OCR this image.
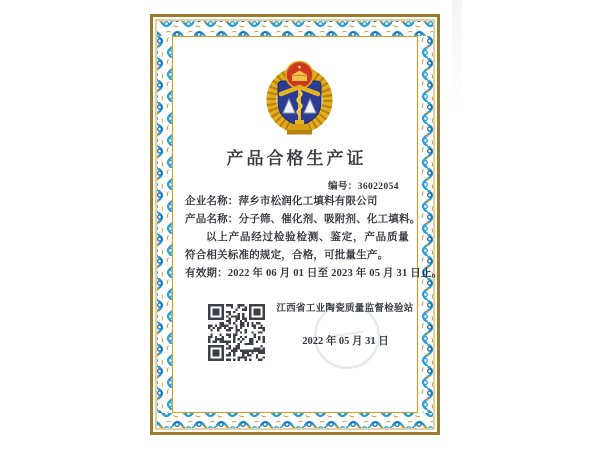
产品合格生产证
编号：36022054
企业名称：萍乡市松润化工填料有限公司
产品名称：分子筛、催化剂、吸附剂、化工填料。
以上产品经过检验检测、鉴定，产品质量符合相关标准的规定，合格，可批量生产。
有效期：2022 年 06 月 01 日至 2023 年 05 月 31 日止。
江西省工业陶瓷质量监督检验站
2022 年 05 月 31 日
